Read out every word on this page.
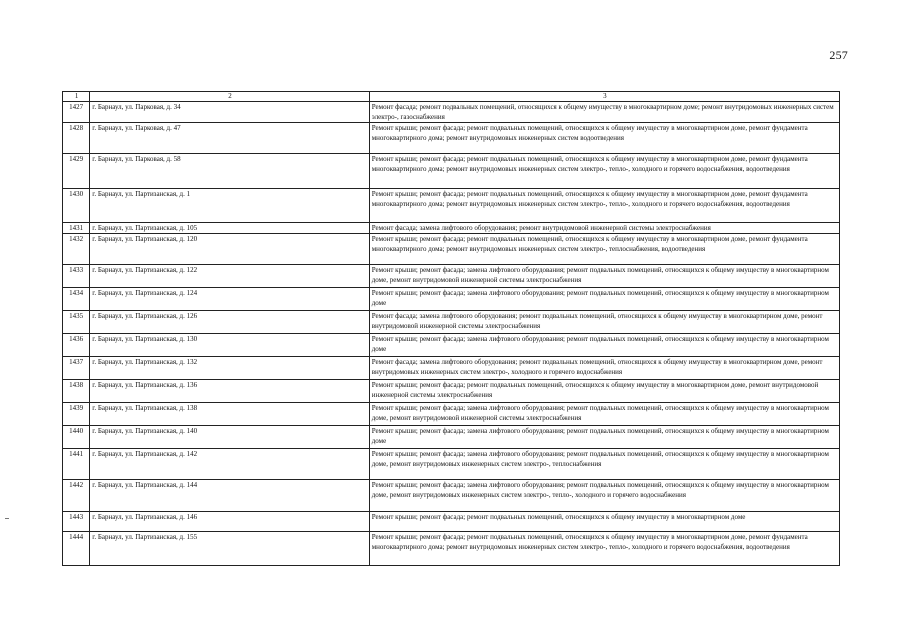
257
1	2	3
1427	г. Барнаул, ул. Парковая, д. 34	Ремонт фасада; ремонт подвальных помещений, относящихся к общему имуществу в многоквартирном доме; ремонт внутридомовых инженерных систем электро-, газоснабжения
1428	г. Барнаул, ул. Парковая, д. 47	Ремонт крыши; ремонт фасада; ремонт подвальных помещений, относящихся к общему имуществу в многоквартирном доме, ремонт фундамента многоквартирного дома; ремонт внутридомовых инженерных систем водоотведения
1429	г. Барнаул, ул. Парковая, д. 58	Ремонт крыши; ремонт фасада; ремонт подвальных помещений, относящихся к общему имуществу в многоквартирном доме, ремонт фундамента многоквартирного дома; ремонт внутридомовых инженерных систем электро-, тепло-, холодного и горячего водоснабжения, водоотведения
1430	г. Барнаул, ул. Партизанская, д. 1	Ремонт крыши; ремонт фасада; ремонт подвальных помещений, относящихся к общему имуществу в многоквартирном доме, ремонт фундамента многоквартирного дома; ремонт внутридомовых инженерных систем электро-, тепло-, холодного и горячего водоснабжения, водоотведения
1431	г. Барнаул, ул. Партизанская, д. 105	Ремонт фасада; замена лифтового оборудования; ремонт внутридомовой инженерной системы электроснабжения
1432	г. Барнаул, ул. Партизанская, д. 120	Ремонт крыши; ремонт фасада; ремонт подвальных помещений, относящихся к общему имуществу в многоквартирном доме, ремонт фундамента многоквартирного дома; ремонт внутридомовых инженерных систем электро-, теплоснабжения, водоотведения
1433	г. Барнаул, ул. Партизанская, д. 122	Ремонт крыши; ремонт фасада; замена лифтового оборудования; ремонт подвальных помещений, относящихся к общему имуществу в многоквартирном доме, ремонт внутридомовой инженерной системы электроснабжения
1434	г. Барнаул, ул. Партизанская, д. 124	Ремонт крыши; ремонт фасада; замена лифтового оборудования; ремонт подвальных помещений, относящихся к общему имуществу в многоквартирном доме
1435	г. Барнаул, ул. Партизанская, д. 126	Ремонт фасада; замена лифтового оборудования; ремонт подвальных помещений, относящихся к общему имуществу в многоквартирном доме, ремонт внутридомовой инженерной системы электроснабжения
1436	г. Барнаул, ул. Партизанская, д. 130	Ремонт крыши; ремонт фасада; замена лифтового оборудования; ремонт подвальных помещений, относящихся к общему имуществу в многоквартирном доме
1437	г. Барнаул, ул. Партизанская, д. 132	Ремонт фасада; замена лифтового оборудования; ремонт подвальных помещений, относящихся к общему имуществу в многоквартирном доме, ремонт внутридомовых инженерных систем электро-, холодного и горячего водоснабжения
1438	г. Барнаул, ул. Партизанская, д. 136	Ремонт крыши; ремонт фасада; ремонт подвальных помещений, относящихся к общему имуществу в многоквартирном доме, ремонт внутридомовой инженерной системы электроснабжения
1439	г. Барнаул, ул. Партизанская, д. 138	Ремонт крыши; ремонт фасада; замена лифтового оборудования; ремонт подвальных помещений, относящихся к общему имуществу в многоквартирном доме, ремонт внутридомовой инженерной системы электроснабжения
1440	г. Барнаул, ул. Партизанская, д. 140	Ремонт крыши; ремонт фасада; замена лифтового оборудования; ремонт подвальных помещений, относящихся к общему имуществу в многоквартирном доме
1441	г. Барнаул, ул. Партизанская, д. 142	Ремонт крыши; ремонт фасада; замена лифтового оборудования; ремонт подвальных помещений, относящихся к общему имуществу в многоквартирном доме, ремонт внутридомовых инженерных систем электро-, теплоснабжения
1442	г. Барнаул, ул. Партизанская, д. 144	Ремонт крыши; ремонт фасада; замена лифтового оборудования; ремонт подвальных помещений, относящихся к общему имуществу в многоквартирном доме, ремонт внутридомовых инженерных систем электро-, тепло-, холодного и горячего водоснабжения
1443	г. Барнаул, ул. Партизанская, д. 146	Ремонт крыши; ремонт фасада; ремонт подвальных помещений, относящихся к общему имуществу в многоквартирном доме
1444	г. Барнаул, ул. Партизанская, д. 155	Ремонт крыши; ремонт фасада; ремонт подвальных помещений, относящихся к общему имуществу в многоквартирном доме, ремонт фундамента многоквартирного дома; ремонт внутридомовых инженерных систем электро-, тепло-, холодного и горячего водоснабжения, водоотведения
